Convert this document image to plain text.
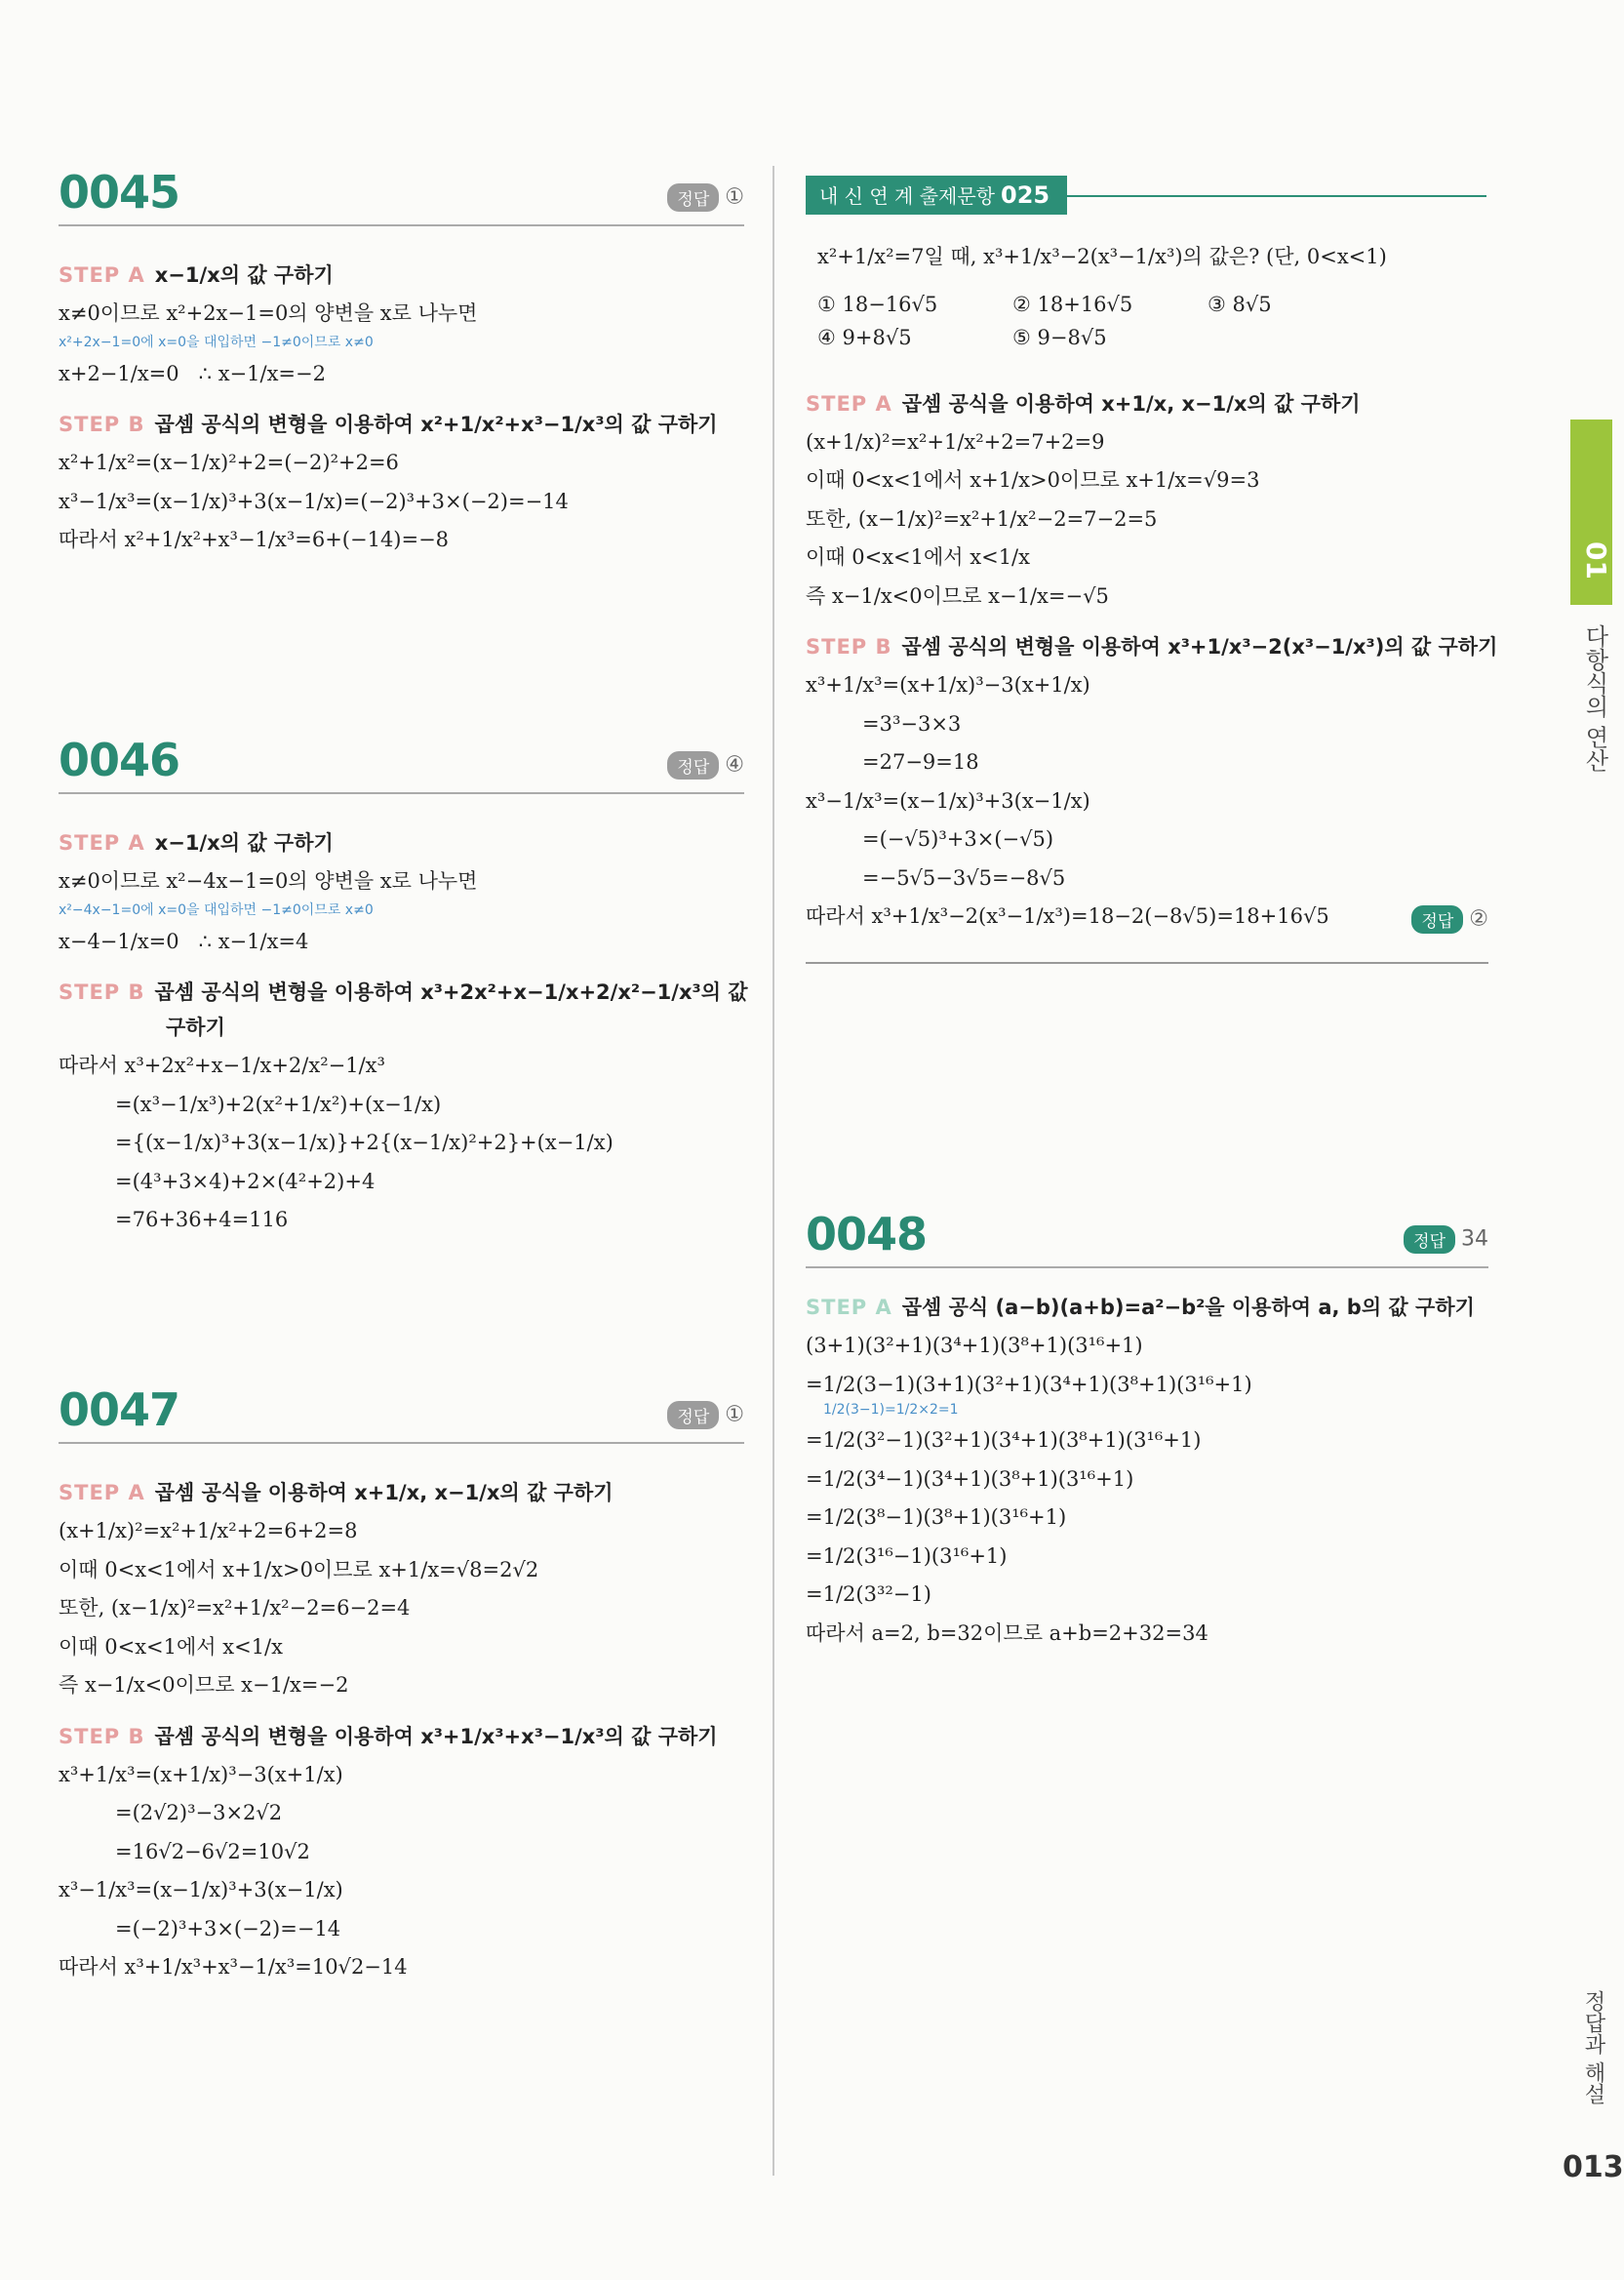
0045	정답 ①
STEP A x−1/x의 값 구하기
x≠0이므로 x²+2x−1=0의 양변을 x로 나누면
x²+2x−1=0에 x=0을 대입하면 −1≠0이므로 x≠0
x+2−1/x=0   ∴ x−1/x=−2
STEP B 곱셈 공식의 변형을 이용하여 x²+1/x²+x³−1/x³의 값 구하기
x²+1/x²=(x−1/x)²+2=(−2)²+2=6
x³−1/x³=(x−1/x)³+3(x−1/x)=(−2)³+3×(−2)=−14
따라서 x²+1/x²+x³−1/x³=6+(−14)=−8
0046	정답 ④
STEP A x−1/x의 값 구하기
x≠0이므로 x²−4x−1=0의 양변을 x로 나누면
x²−4x−1=0에 x=0을 대입하면 −1≠0이므로 x≠0
x−4−1/x=0   ∴ x−1/x=4
STEP B 곱셈 공식의 변형을 이용하여 x³+2x²+x−1/x+2/x²−1/x³의 값
구하기
따라서 x³+2x²+x−1/x+2/x²−1/x³
=(x³−1/x³)+2(x²+1/x²)+(x−1/x)
={(x−1/x)³+3(x−1/x)}+2{(x−1/x)²+2}+(x−1/x)
=(4³+3×4)+2×(4²+2)+4
=76+36+4=116
0047	정답 ①
STEP A 곱셈 공식을 이용하여 x+1/x, x−1/x의 값 구하기
(x+1/x)²=x²+1/x²+2=6+2=8
이때 0<x<1에서 x+1/x>0이므로 x+1/x=√8=2√2
또한, (x−1/x)²=x²+1/x²−2=6−2=4
이때 0<x<1에서 x<1/x
즉 x−1/x<0이므로 x−1/x=−2
STEP B 곱셈 공식의 변형을 이용하여 x³+1/x³+x³−1/x³의 값 구하기
x³+1/x³=(x+1/x)³−3(x+1/x)
=(2√2)³−3×2√2
=16√2−6√2=10√2
x³−1/x³=(x−1/x)³+3(x−1/x)
=(−2)³+3×(−2)=−14
따라서 x³+1/x³+x³−1/x³=10√2−14
내 신 연 계 출제문항 025
x²+1/x²=7일 때, x³+1/x³−2(x³−1/x³)의 값은? (단, 0<x<1)
① 18−16√5	② 18+16√5	③ 8√5
④ 9+8√5	⑤ 9−8√5
STEP A 곱셈 공식을 이용하여 x+1/x, x−1/x의 값 구하기
(x+1/x)²=x²+1/x²+2=7+2=9
이때 0<x<1에서 x+1/x>0이므로 x+1/x=√9=3
또한, (x−1/x)²=x²+1/x²−2=7−2=5
이때 0<x<1에서 x<1/x
즉 x−1/x<0이므로 x−1/x=−√5
STEP B 곱셈 공식의 변형을 이용하여 x³+1/x³−2(x³−1/x³)의 값 구하기
x³+1/x³=(x+1/x)³−3(x+1/x)
=3³−3×3
=27−9=18
x³−1/x³=(x−1/x)³+3(x−1/x)
=(−√5)³+3×(−√5)
=−5√5−3√5=−8√5
따라서 x³+1/x³−2(x³−1/x³)=18−2(−8√5)=18+16√5	정답 ②
0048	정답 34
STEP A 곱셈 공식 (a−b)(a+b)=a²−b²을 이용하여 a, b의 값 구하기
(3+1)(3²+1)(3⁴+1)(3⁸+1)(3¹⁶+1)
=1/2(3−1)(3+1)(3²+1)(3⁴+1)(3⁸+1)(3¹⁶+1)
1/2(3−1)=1/2×2=1
=1/2(3²−1)(3²+1)(3⁴+1)(3⁸+1)(3¹⁶+1)
=1/2(3⁴−1)(3⁴+1)(3⁸+1)(3¹⁶+1)
=1/2(3⁸−1)(3⁸+1)(3¹⁶+1)
=1/2(3¹⁶−1)(3¹⁶+1)
=1/2(3³²−1)
따라서 a=2, b=32이므로 a+b=2+32=34
01
다항식의 연산
정답과 해설
013
